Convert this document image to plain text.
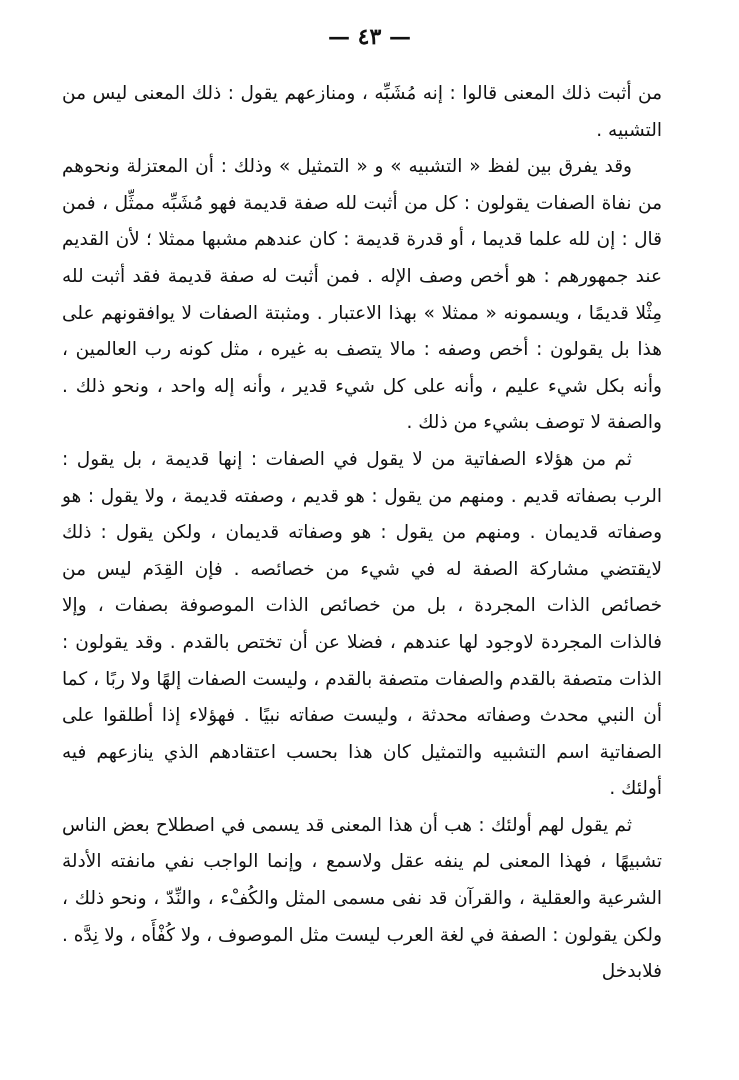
— ٤٣ —

من أثبت ذلك المعنى قالوا : إنه مُشَبِّه ، ومنازعهم يقول : ذلك المعنى ليس من التشبيه .

وقد يفرق بين لفظ « التشبيه » و « التمثيل » وذلك : أن المعتزلة ونحوهم من نفاة الصفات يقولون : كل من أثبت لله صفة قديمة فهو مُشَبِّه ممثِّل ، فمن قال : إن لله علما قديما ، أو قدرة قديمة : كان عندهم مشبها ممثلا ؛ لأن القديم عند جمهورهم : هو أخص وصف الإله . فمن أثبت له صفة قديمة فقد أثبت لله مِثْلا قديمًا ، ويسمونه « ممثلا » بهذا الاعتبار . ومثبتة الصفات لا يوافقونهم على هذا بل يقولون : أخص وصفه : مالا يتصف به غيره ، مثل كونه رب العالمين ، وأنه بكل شيء عليم ، وأنه على كل شيء قدير ، وأنه إله واحد ، ونحو ذلك . والصفة لا توصف بشيء من ذلك .

ثم من هؤلاء الصفاتية من لا يقول في الصفات : إنها قديمة ، بل يقول : الرب بصفاته قديم . ومنهم من يقول : هو قديم ، وصفته قديمة ، ولا يقول : هو وصفاته قديمان . ومنهم من يقول : هو وصفاته قديمان ، ولكن يقول : ذلك لايقتضي مشاركة الصفة له في شيء من خصائصه . فإن القِدَم ليس من خصائص الذات المجردة ، بل من خصائص الذات الموصوفة بصفات ، وإلا فالذات المجردة لاوجود لها عندهم ، فضلا عن أن تختص بالقدم . وقد يقولون : الذات متصفة بالقدم والصفات متصفة بالقدم ، وليست الصفات إلهًا ولا ربًا ، كما أن النبي محدث وصفاته محدثة ، وليست صفاته نبيًا . فهؤلاء إذا أطلقوا على الصفاتية اسم التشبيه والتمثيل كان هذا بحسب اعتقادهم الذي ينازعهم فيه أولئك .

ثم يقول لهم أولئك : هب أن هذا المعنى قد يسمى في اصطلاح بعض الناس تشبيهًا ، فهذا المعنى لم ينفه عقل ولاسمع ، وإنما الواجب نفي مانفته الأدلة الشرعية والعقلية ، والقرآن قد نفى مسمى المثل والكُفْء ، والنِّدّ ، ونحو ذلك ، ولكن يقولون : الصفة في لغة العرب ليست مثل الموصوف ، ولا كُفْأَه ، ولا نِدَّه . فلابدخل
